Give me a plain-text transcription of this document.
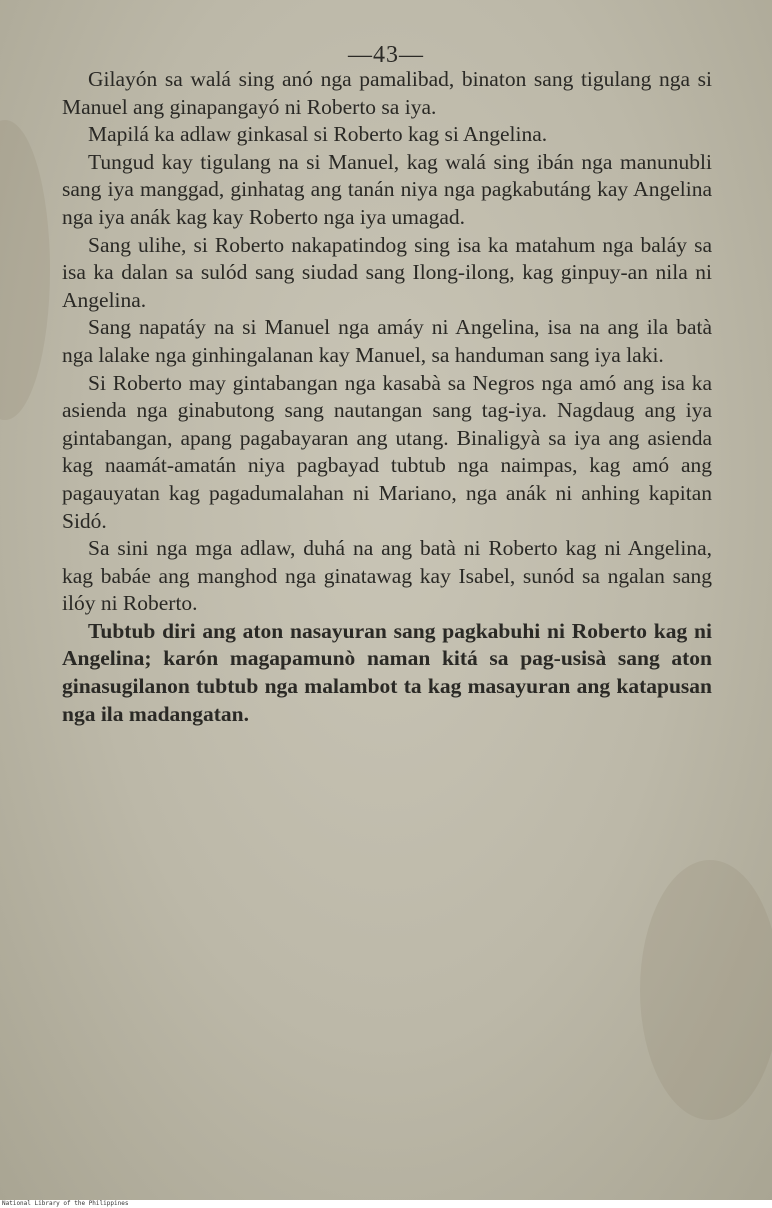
—43—

Gilayón sa walá sing anó nga pamalibad, binaton sang tigulang nga si Manuel ang ginapangayó ni Roberto sa iya.

Mapilá ka adlaw ginkasal si Roberto kag si Angelina.

Tungud kay tigulang na si Manuel, kag walá sing ibán nga manunubli sang iya manggad, ginhatag ang tanán niya nga pagkabutáng kay Angelina nga iya anák kag kay Roberto nga iya umagad.

Sang ulihe, si Roberto nakapatindog sing isa ka matahum nga baláy sa isa ka dalan sa sulód sang siudad sang Ilong-ilong, kag ginpuy-an nila ni Angelina.

Sang napatáy na si Manuel nga amáy ni Angelina, isa na ang ila batà nga lalake nga ginhingalanan kay Manuel, sa handuman sang iya laki.

Si Roberto may gintabangan nga kasabà sa Negros nga amó ang isa ka asienda nga ginabutong sang nautangan sang tag-iya. Nagdaug ang iya gintabangan, apang pagabayaran ang utang. Binaligyà sa iya ang asienda kag naamát-amatán niya pagbayad tubtub nga naimpas, kag amó ang pagauyatan kag pagadumalahan ni Mariano, nga anák ni anhing kapitan Sidó.

Sa sini nga mga adlaw, duhá na ang batà ni Roberto kag ni Angelina, kag babáe ang manghod nga ginatawag kay Isabel, sunód sa ngalan sang ilóy ni Roberto.

Tubtub diri ang aton nasayuran sang pagkabuhi ni Roberto kag ni Angelina; karón magapamunò naman kitá sa pag-usisà sang aton ginasugilanon tubtub nga malambot ta kag masayuran ang katapusan nga ila madangatan.

National Library of the Philippines
